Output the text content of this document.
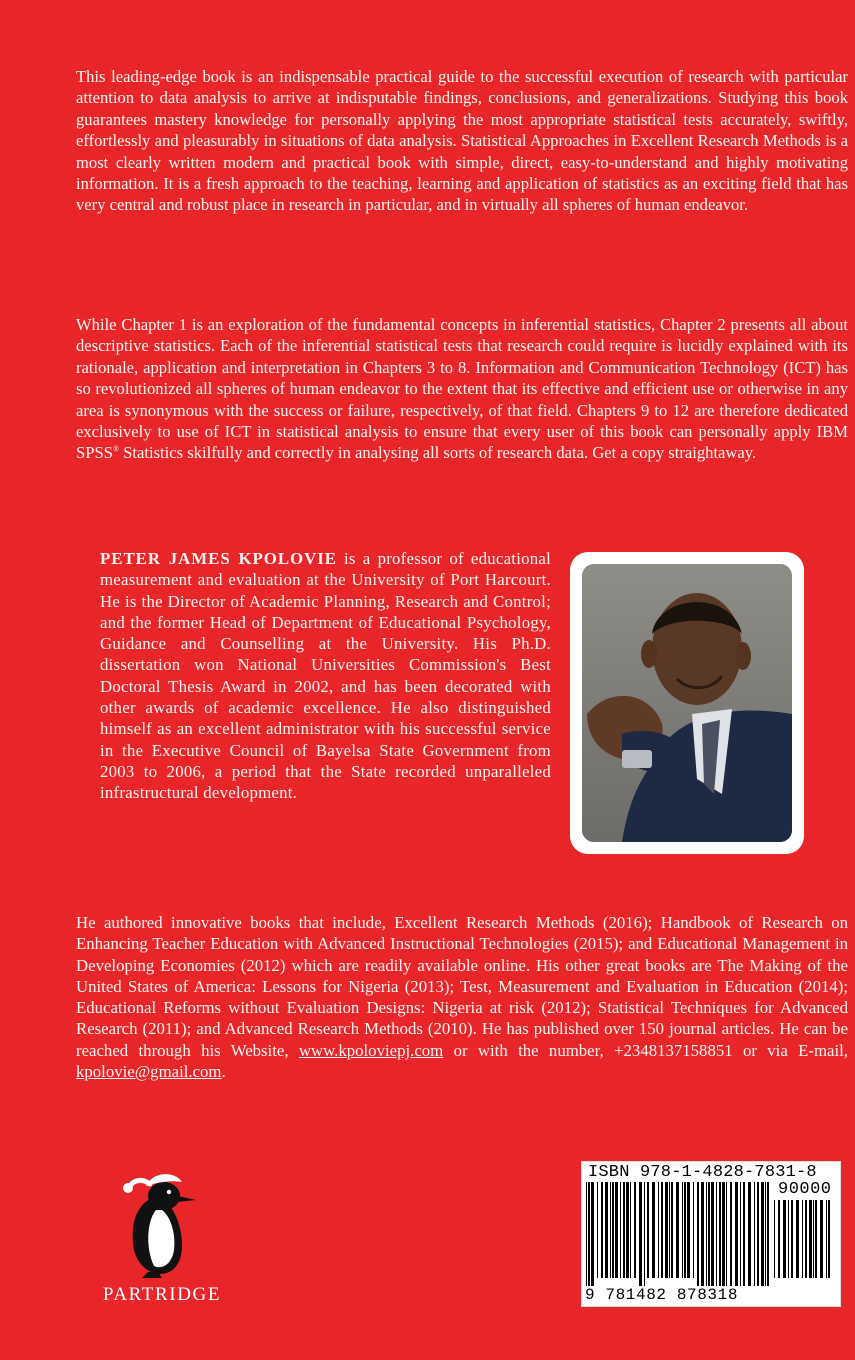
This leading-edge book is an indispensable practical guide to the successful execution of research with particular attention to data analysis to arrive at indisputable findings, conclusions, and generalizations. Studying this book guarantees mastery knowledge for personally applying the most appropriate statistical tests accurately, swiftly, effortlessly and pleasurably in situations of data analysis. Statistical Approaches in Excellent Research Methods is a most clearly written modern and practical book with simple, direct, easy-to-understand and highly motivating information. It is a fresh approach to the teaching, learning and application of statistics as an exciting field that has very central and robust place in research in particular, and in virtually all spheres of human endeavor.

While Chapter 1 is an exploration of the fundamental concepts in inferential statistics, Chapter 2 presents all about descriptive statistics. Each of the inferential statistical tests that research could require is lucidly explained with its rationale, application and interpretation in Chapters 3 to 8. Information and Communication Technology (ICT) has so revolutionized all spheres of human endeavor to the extent that its effective and efficient use or otherwise in any area is synonymous with the success or failure, respectively, of that field. Chapters 9 to 12 are therefore dedicated exclusively to use of ICT in statistical analysis to ensure that every user of this book can personally apply IBM SPSS® Statistics skilfully and correctly in analysing all sorts of research data. Get a copy straightaway.

PETER JAMES KPOLOVIE is a professor of educational measurement and evaluation at the University of Port Harcourt. He is the Director of Academic Planning, Research and Control; and the former Head of Department of Educational Psychology, Guidance and Counselling at the University. His Ph.D. dissertation won National Universities Commission's Best Doctoral Thesis Award in 2002, and has been decorated with other awards of academic excellence. He also distinguished himself as an excellent administrator with his successful service in the Executive Council of Bayelsa State Government from 2003 to 2006, a period that the State recorded unparalleled infrastructural development.

He authored innovative books that include, Excellent Research Methods (2016); Handbook of Research on Enhancing Teacher Education with Advanced Instructional Technologies (2015); and Educational Management in Developing Economies (2012) which are readily available online. His other great books are The Making of the United States of America: Lessons for Nigeria (2013); Test, Measurement and Evaluation in Education (2014); Educational Reforms without Evaluation Designs: Nigeria at risk (2012); Statistical Techniques for Advanced Research (2011); and Advanced Research Methods (2010). He has published over 150 journal articles. He can be reached through his Website, www.kpoloviepj.com or with the number, +2348137158851 or via E-mail, kpolovie@gmail.com.

PARTRIDGE
ISBN 978-1-4828-7831-8
90000
9 781482 878318
